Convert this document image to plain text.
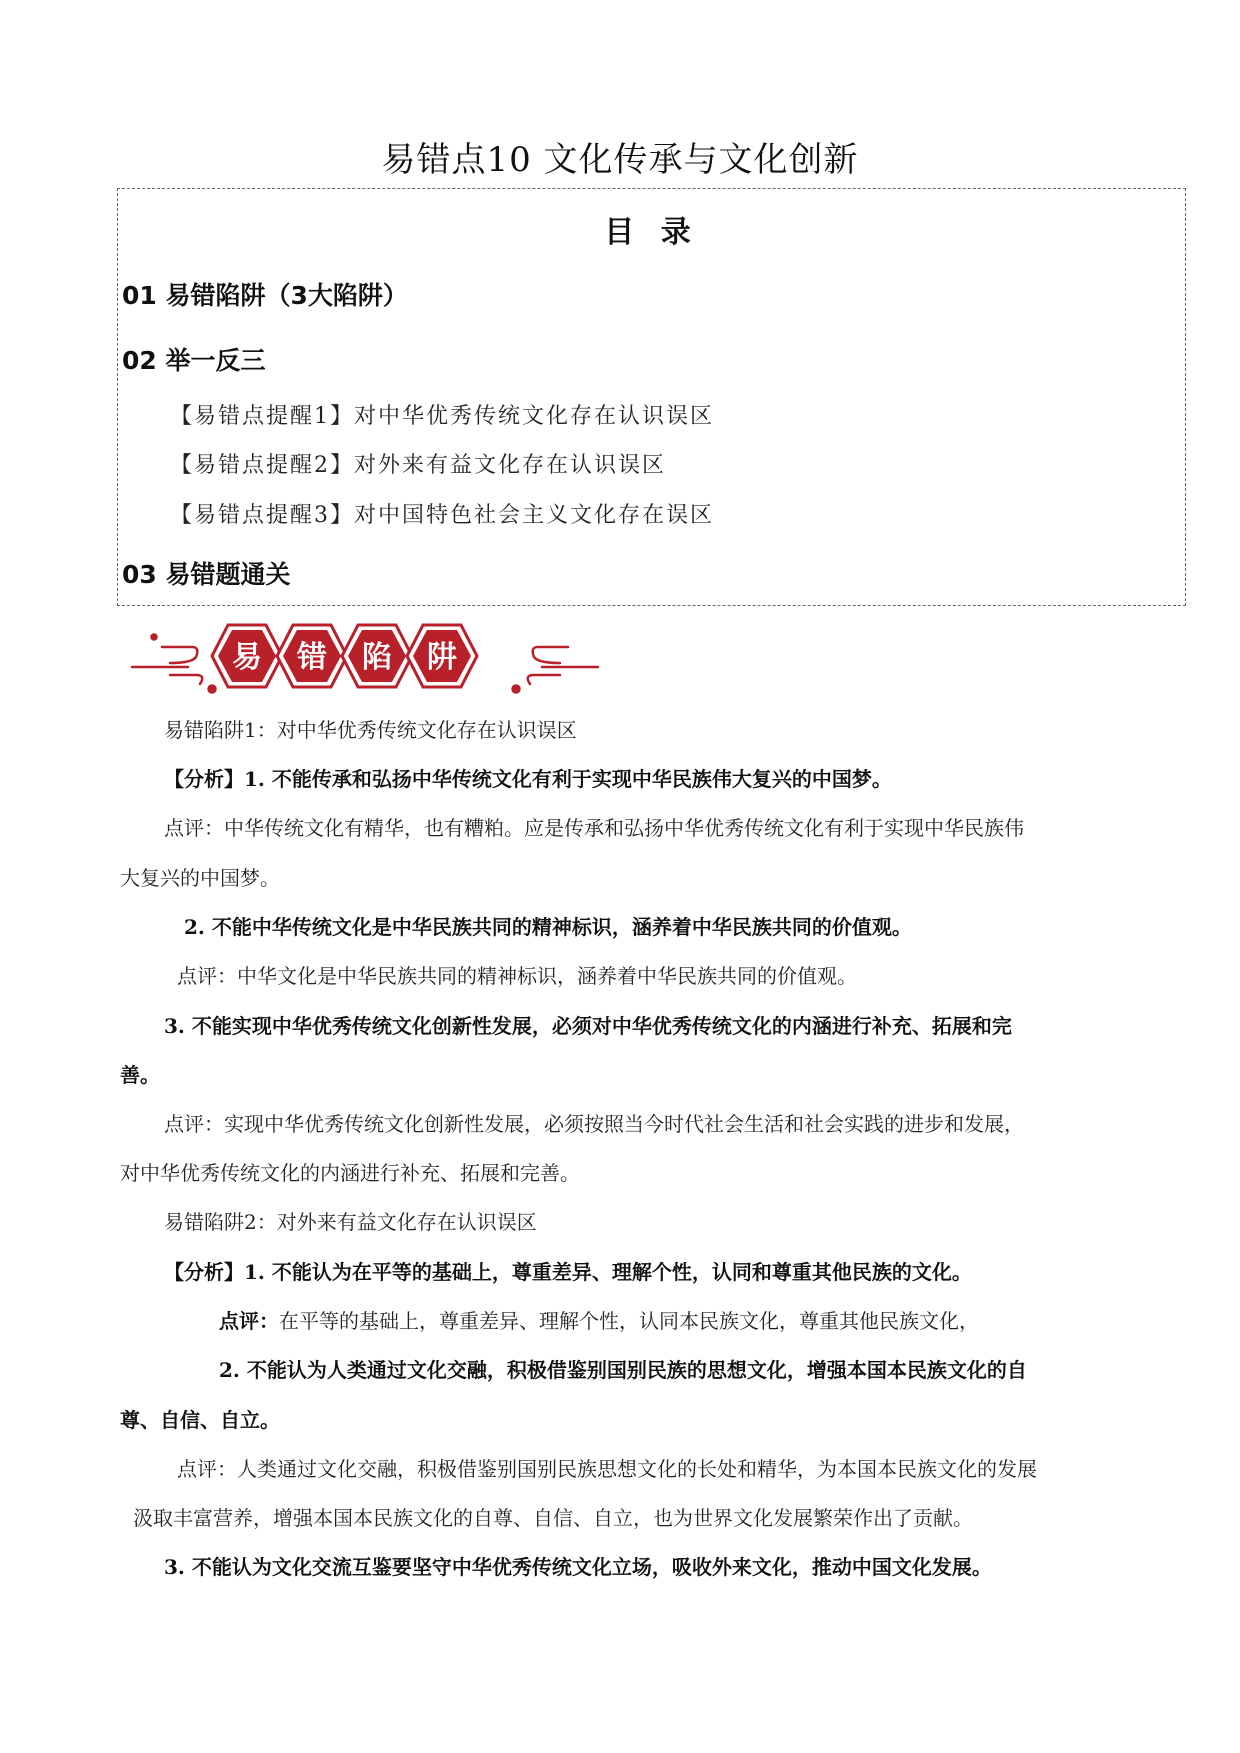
易错点10 文化传承与文化创新
目 录
01 易错陷阱（3大陷阱）
02 举一反三
【易错点提醒1】对中华优秀传统文化存在认识误区
【易错点提醒2】对外来有益文化存在认识误区
【易错点提醒3】对中国特色社会主义文化存在误区
03 易错题通关
易 错 陷 阱
易错陷阱1：对中华优秀传统文化存在认识误区
【分析】1. 不能传承和弘扬中华传统文化有利于实现中华民族伟大复兴的中国梦。
点评：中华传统文化有精华，也有糟粕。应是传承和弘扬中华优秀传统文化有利于实现中华民族伟
大复兴的中国梦。
2. 不能中华传统文化是中华民族共同的精神标识，涵养着中华民族共同的价值观。
点评：中华文化是中华民族共同的精神标识，涵养着中华民族共同的价值观。
3. 不能实现中华优秀传统文化创新性发展，必须对中华优秀传统文化的内涵进行补充、拓展和完
善。
点评：实现中华优秀传统文化创新性发展，必须按照当今时代社会生活和社会实践的进步和发展，
对中华优秀传统文化的内涵进行补充、拓展和完善。
易错陷阱2：对外来有益文化存在认识误区
【分析】1. 不能认为在平等的基础上，尊重差异、理解个性，认同和尊重其他民族的文化。
点评：在平等的基础上，尊重差异、理解个性，认同本民族文化，尊重其他民族文化，
2. 不能认为人类通过文化交融，积极借鉴别国别民族的思想文化，增强本国本民族文化的自
尊、自信、自立。
点评：人类通过文化交融，积极借鉴别国别民族思想文化的长处和精华，为本国本民族文化的发展
汲取丰富营养，增强本国本民族文化的自尊、自信、自立，也为世界文化发展繁荣作出了贡献。
3. 不能认为文化交流互鉴要坚守中华优秀传统文化立场，吸收外来文化，推动中国文化发展。
